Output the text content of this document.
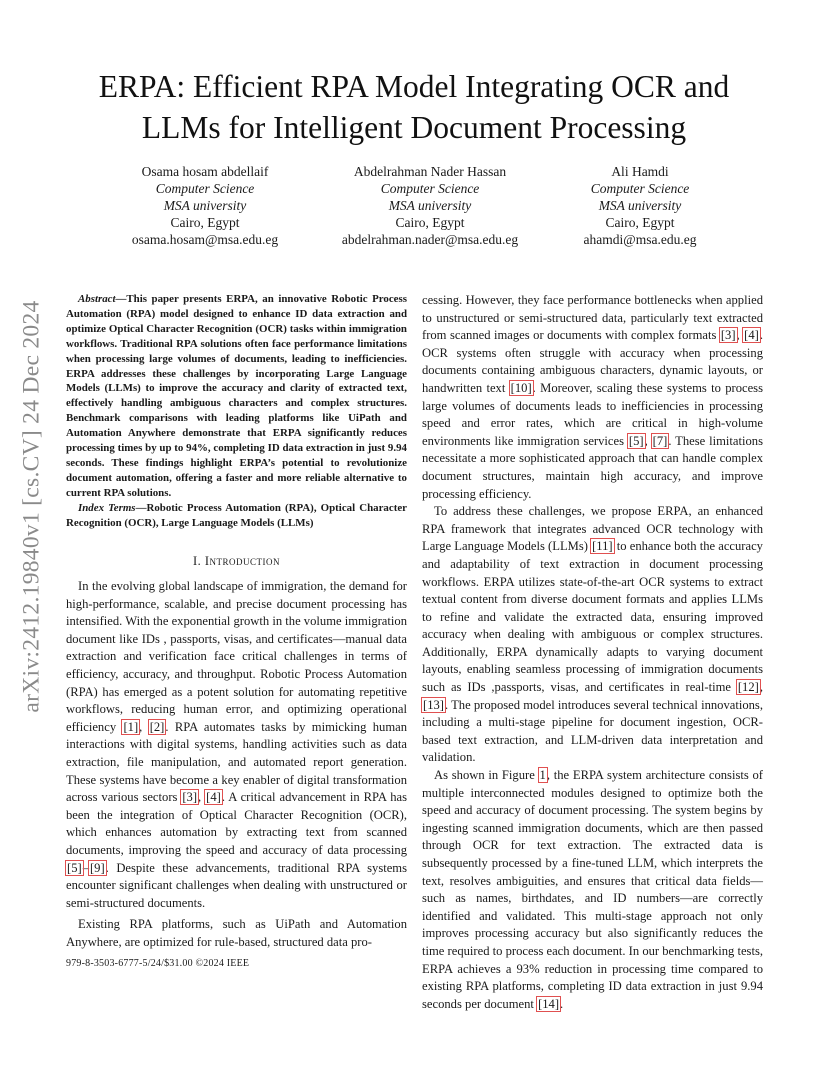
arXiv:2412.19840v1 [cs.CV] 24 Dec 2024
ERPA: Efficient RPA Model Integrating OCR and
LLMs for Intelligent Document Processing
Osama hosam abdellaif
Computer Science
MSA university
Cairo, Egypt
osama.hosam@msa.edu.eg
Abdelrahman Nader Hassan
Computer Science
MSA university
Cairo, Egypt
abdelrahman.nader@msa.edu.eg
Ali Hamdi
Computer Science
MSA university
Cairo, Egypt
ahamdi@msa.edu.eg

Abstract—This paper presents ERPA, an innovative Robotic Process Automation (RPA) model designed to enhance ID data extraction and optimize Optical Character Recognition (OCR) tasks within immigration workflows. Traditional RPA solutions often face performance limitations when processing large volumes of documents, leading to inefficiencies. ERPA addresses these challenges by incorporating Large Language Models (LLMs) to improve the accuracy and clarity of extracted text, effectively handling ambiguous characters and complex structures. Benchmark comparisons with leading platforms like UiPath and Automation Anywhere demonstrate that ERPA significantly reduces processing times by up to 94%, completing ID data extraction in just 9.94 seconds. These findings highlight ERPA’s potential to revolutionize document automation, offering a faster and more reliable alternative to current RPA solutions.

Index Terms—Robotic Process Automation (RPA), Optical Character Recognition (OCR), Large Language Models (LLMs)

I. Introduction

In the evolving global landscape of immigration, the demand for high-performance, scalable, and precise document processing has intensified. With the exponential growth in the volume immigration document like IDs , passports, visas, and certificates—manual data extraction and verification face critical challenges in terms of efficiency, accuracy, and throughput. Robotic Process Automation (RPA) has emerged as a potent solution for automating repetitive workflows, reducing human error, and optimizing operational efficiency [1], [2]. RPA automates tasks by mimicking human interactions with digital systems, handling activities such as data extraction, file manipulation, and automated report generation. These systems have become a key enabler of digital transformation across various sectors [3], [4]. A critical advancement in RPA has been the integration of Optical Character Recognition (OCR), which enhances automation by extracting text from scanned documents, improving the speed and accuracy of data processing [5]–[9]. Despite these advancements, traditional RPA systems encounter significant challenges when dealing with unstructured or semi-structured documents.

Existing RPA platforms, such as UiPath and Automation Anywhere, are optimized for rule-based, structured data pro-

cessing. However, they face performance bottlenecks when applied to unstructured or semi-structured data, particularly text extracted from scanned images or documents with complex formats [3], [4]. OCR systems often struggle with accuracy when processing documents containing ambiguous characters, dynamic layouts, or handwritten text [10]. Moreover, scaling these systems to process large volumes of documents leads to inefficiencies in processing speed and error rates, which are critical in high-volume environments like immigration services [5], [7]. These limitations necessitate a more sophisticated approach that can handle complex document structures, maintain high accuracy, and improve processing efficiency.

To address these challenges, we propose ERPA, an enhanced RPA framework that integrates advanced OCR technology with Large Language Models (LLMs) [11] to enhance both the accuracy and adaptability of text extraction in document processing workflows. ERPA utilizes state-of-the-art OCR systems to extract textual content from diverse document formats and applies LLMs to refine and validate the extracted data, ensuring improved accuracy when dealing with ambiguous or complex structures. Additionally, ERPA dynamically adapts to varying document layouts, enabling seamless processing of immigration documents such as IDs ,passports, visas, and certificates in real-time [12], [13]. The proposed model introduces several technical innovations, including a multi-stage pipeline for document ingestion, OCR-based text extraction, and LLM-driven data interpretation and validation.

As shown in Figure 1, the ERPA system architecture consists of multiple interconnected modules designed to optimize both the speed and accuracy of document processing. The system begins by ingesting scanned immigration documents, which are then passed through OCR for text extraction. The extracted data is subsequently processed by a fine-tuned LLM, which interprets the text, resolves ambiguities, and ensures that critical data fields—such as names, birthdates, and ID numbers—are correctly identified and validated. This multi-stage approach not only improves processing accuracy but also significantly reduces the time required to process each document. In our benchmarking tests, ERPA achieves a 93% reduction in processing time compared to existing RPA platforms, completing ID data extraction in just 9.94 seconds per document [14].

979-8-3503-6777-5/24/$31.00 ©2024 IEEE
